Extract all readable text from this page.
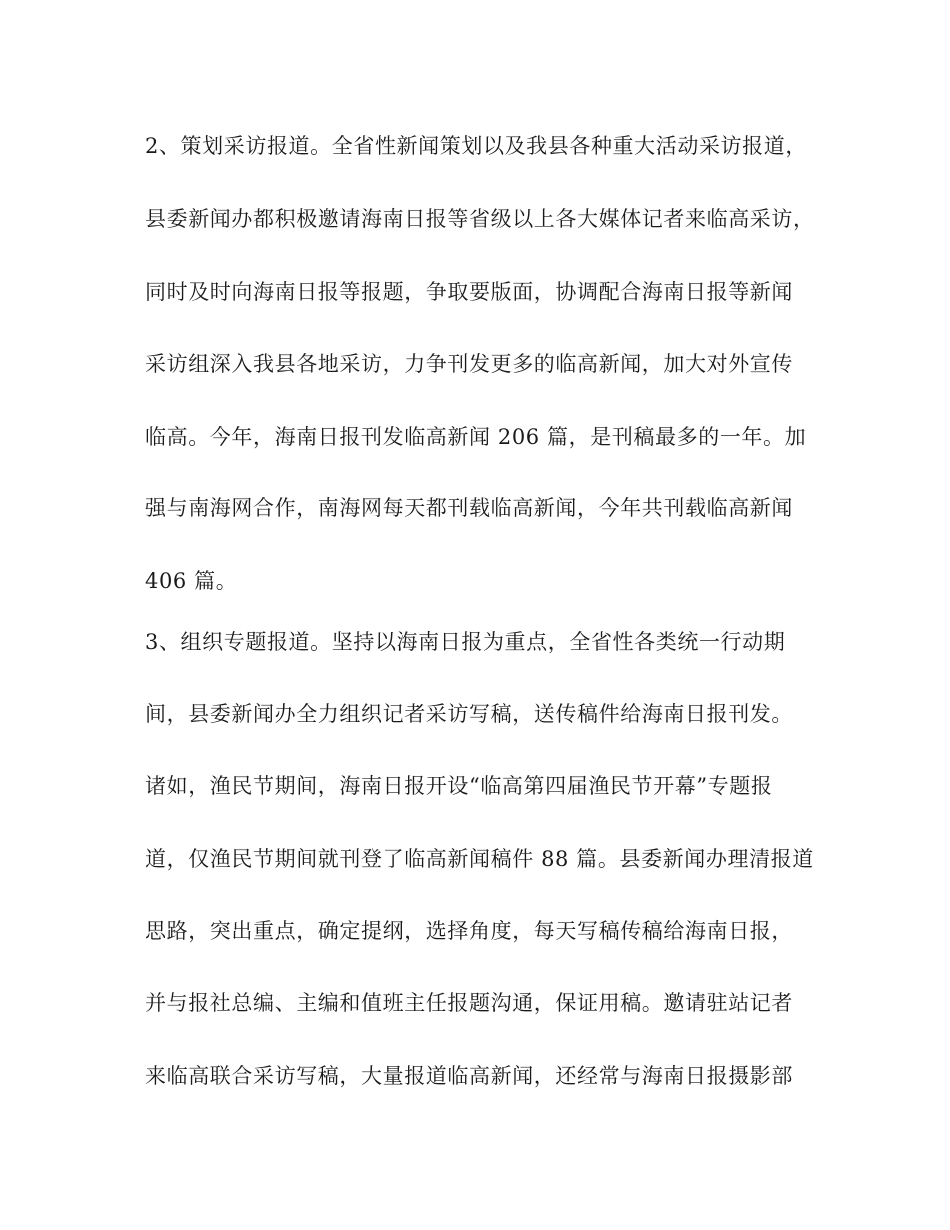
2、策划采访报道。全省性新闻策划以及我县各种重大活动采访报道，

县委新闻办都积极邀请海南日报等省级以上各大媒体记者来临高采访，

同时及时向海南日报等报题，争取要版面，协调配合海南日报等新闻

采访组深入我县各地采访，力争刊发更多的临高新闻，加大对外宣传

临高。今年，海南日报刊发临高新闻 206 篇，是刊稿最多的一年。加

强与南海网合作，南海网每天都刊载临高新闻，今年共刊载临高新闻

406 篇。

3、组织专题报道。坚持以海南日报为重点，全省性各类统一行动期

间，县委新闻办全力组织记者采访写稿，送传稿件给海南日报刊发。

诸如，渔民节期间，海南日报开设“临高第四届渔民节开幕”专题报

道，仅渔民节期间就刊登了临高新闻稿件 88 篇。县委新闻办理清报道

思路，突出重点，确定提纲，选择角度，每天写稿传稿给海南日报，

并与报社总编、主编和值班主任报题沟通，保证用稿。邀请驻站记者

来临高联合采访写稿，大量报道临高新闻，还经常与海南日报摄影部
